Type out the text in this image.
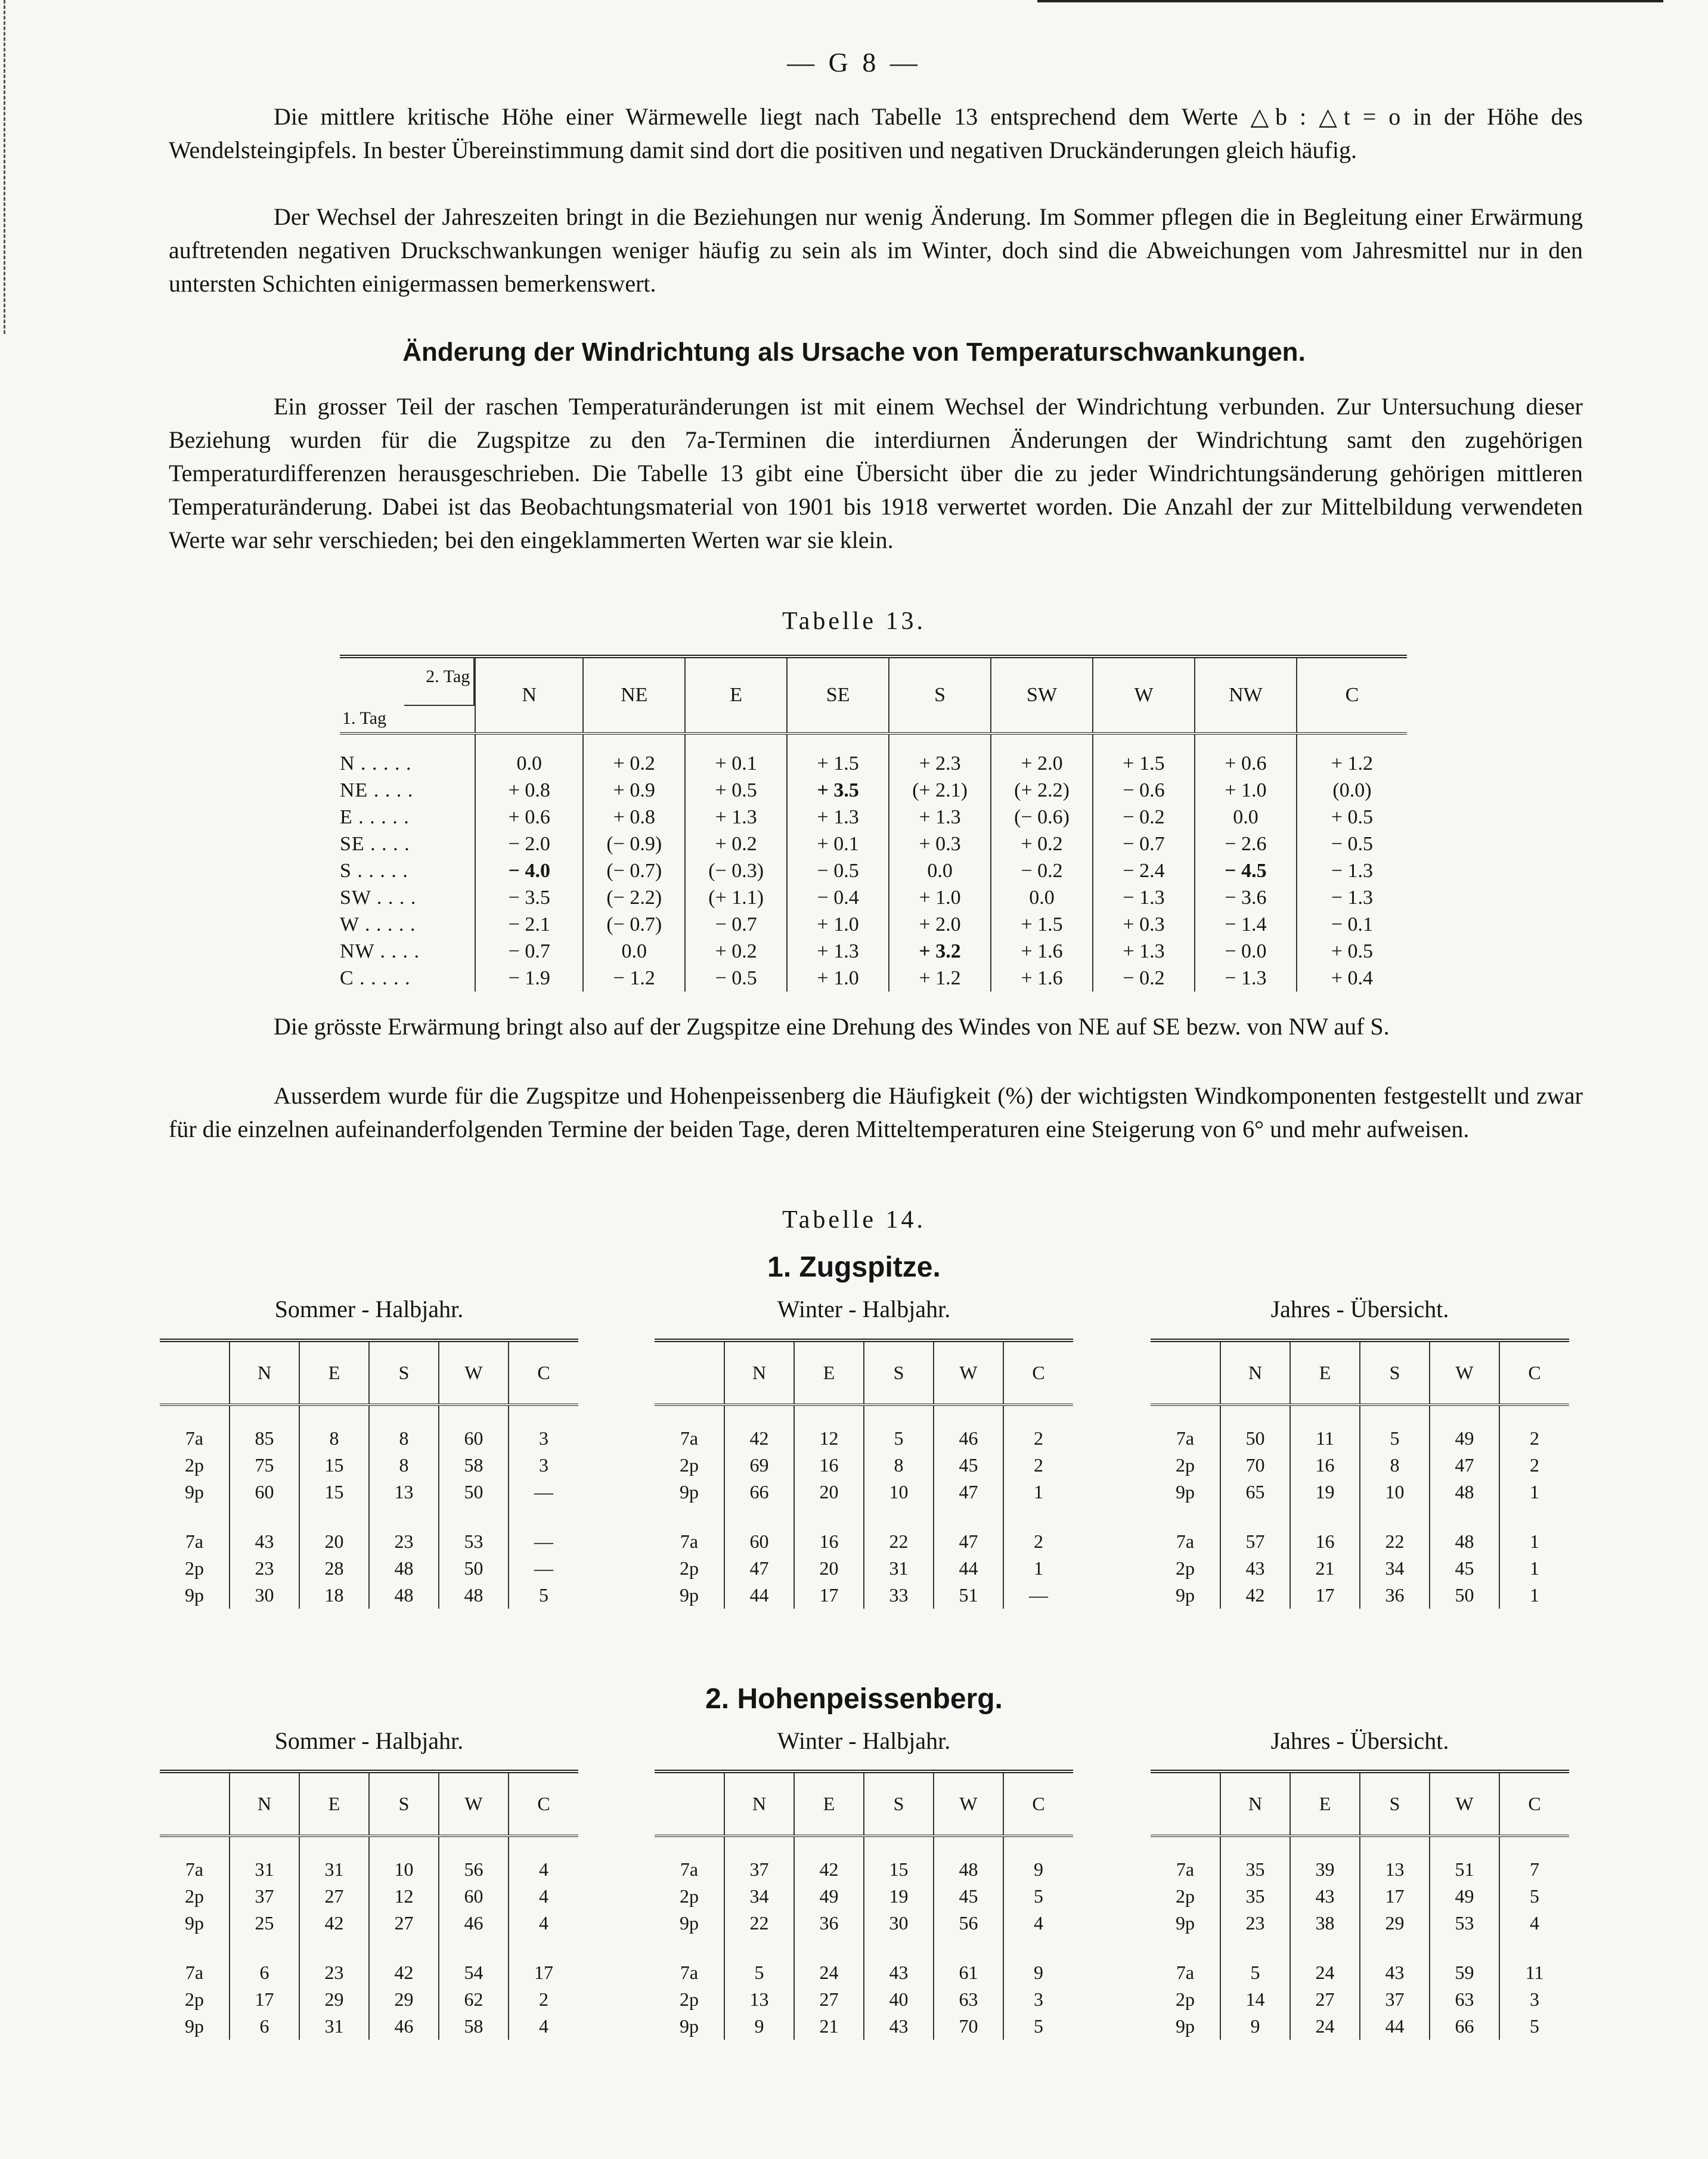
— G 8 —

Die mittlere kritische Höhe einer Wärmewelle liegt nach Tabelle 13 entsprechend dem Werte △b : △t = o in der Höhe des Wendelsteingipfels. In bester Übereinstimmung damit sind dort die positiven und negativen Druckänderungen gleich häufig.

Der Wechsel der Jahreszeiten bringt in die Beziehungen nur wenig Änderung. Im Sommer pflegen die in Begleitung einer Erwärmung auftretenden negativen Druckschwankungen weniger häufig zu sein als im Winter, doch sind die Abweichungen vom Jahresmittel nur in den untersten Schichten einigermassen bemerkenswert.

Änderung der Windrichtung als Ursache von Temperaturschwankungen.

Ein grosser Teil der raschen Temperaturänderungen ist mit einem Wechsel der Windrichtung verbunden. Zur Untersuchung dieser Beziehung wurden für die Zugspitze zu den 7a-Terminen die interdiurnen Änderungen der Windrichtung samt den zugehörigen Temperaturdifferenzen herausgeschrieben. Die Tabelle 13 gibt eine Übersicht über die zu jeder Windrichtungsänderung gehörigen mittleren Temperaturänderung. Dabei ist das Beobachtungsmaterial von 1901 bis 1918 verwertet worden. Die Anzahl der zur Mittelbildung verwendeten Werte war sehr verschieden; bei den eingeklammerten Werten war sie klein.

Tabelle 13.
2. Tag
1. Tag	N	NE	E	SE	S	SW	W	NW	C
N . . . . .	0.0	+ 0.2	+ 0.1	+ 1.5	+ 2.3	+ 2.0	+ 1.5	+ 0.6	+ 1.2
NE . . . .	+ 0.8	+ 0.9	+ 0.5	+ 3.5	(+ 2.1)	(+ 2.2)	− 0.6	+ 1.0	(0.0)
E . . . . .	+ 0.6	+ 0.8	+ 1.3	+ 1.3	+ 1.3	(− 0.6)	− 0.2	0.0	+ 0.5
SE . . . .	− 2.0	(− 0.9)	+ 0.2	+ 0.1	+ 0.3	+ 0.2	− 0.7	− 2.6	− 0.5
S . . . . .	− 4.0	(− 0.7)	(− 0.3)	− 0.5	0.0	− 0.2	− 2.4	− 4.5	− 1.3
SW . . . .	− 3.5	(− 2.2)	(+ 1.1)	− 0.4	+ 1.0	0.0	− 1.3	− 3.6	− 1.3
W . . . . .	− 2.1	(− 0.7)	− 0.7	+ 1.0	+ 2.0	+ 1.5	+ 0.3	− 1.4	− 0.1
NW . . . .	− 0.7	0.0	+ 0.2	+ 1.3	+ 3.2	+ 1.6	+ 1.3	− 0.0	+ 0.5
C . . . . .	− 1.9	− 1.2	− 0.5	+ 1.0	+ 1.2	+ 1.6	− 0.2	− 1.3	+ 0.4

Die grösste Erwärmung bringt also auf der Zugspitze eine Drehung des Windes von NE auf SE bezw. von NW auf S.

Ausserdem wurde für die Zugspitze und Hohenpeissenberg die Häufigkeit (%) der wichtigsten Windkomponenten festgestellt und zwar für die einzelnen aufeinanderfolgenden Termine der beiden Tage, deren Mitteltemperaturen eine Steigerung von 6° und mehr aufweisen.

Tabelle 14.
1. Zugspitze.
2. Hohenpeissenberg.
Sommer - Halbjahr.
	N	E	S	W	C
7a	85	8	8	60	3
2p	75	15	8	58	3
9p	60	15	13	50	—
7a	43	20	23	53	—
2p	23	28	48	50	—
9p	30	18	48	48	5
Winter - Halbjahr.
	N	E	S	W	C
7a	42	12	5	46	2
2p	69	16	8	45	2
9p	66	20	10	47	1
7a	60	16	22	47	2
2p	47	20	31	44	1
9p	44	17	33	51	—
Jahres - Übersicht.
	N	E	S	W	C
7a	50	11	5	49	2
2p	70	16	8	47	2
9p	65	19	10	48	1
7a	57	16	22	48	1
2p	43	21	34	45	1
9p	42	17	36	50	1
Sommer - Halbjahr.
	N	E	S	W	C
7a	31	31	10	56	4
2p	37	27	12	60	4
9p	25	42	27	46	4
7a	6	23	42	54	17
2p	17	29	29	62	2
9p	6	31	46	58	4
Winter - Halbjahr.
	N	E	S	W	C
7a	37	42	15	48	9
2p	34	49	19	45	5
9p	22	36	30	56	4
7a	5	24	43	61	9
2p	13	27	40	63	3
9p	9	21	43	70	5
Jahres - Übersicht.
	N	E	S	W	C
7a	35	39	13	51	7
2p	35	43	17	49	5
9p	23	38	29	53	4
7a	5	24	43	59	11
2p	14	27	37	63	3
9p	9	24	44	66	5
